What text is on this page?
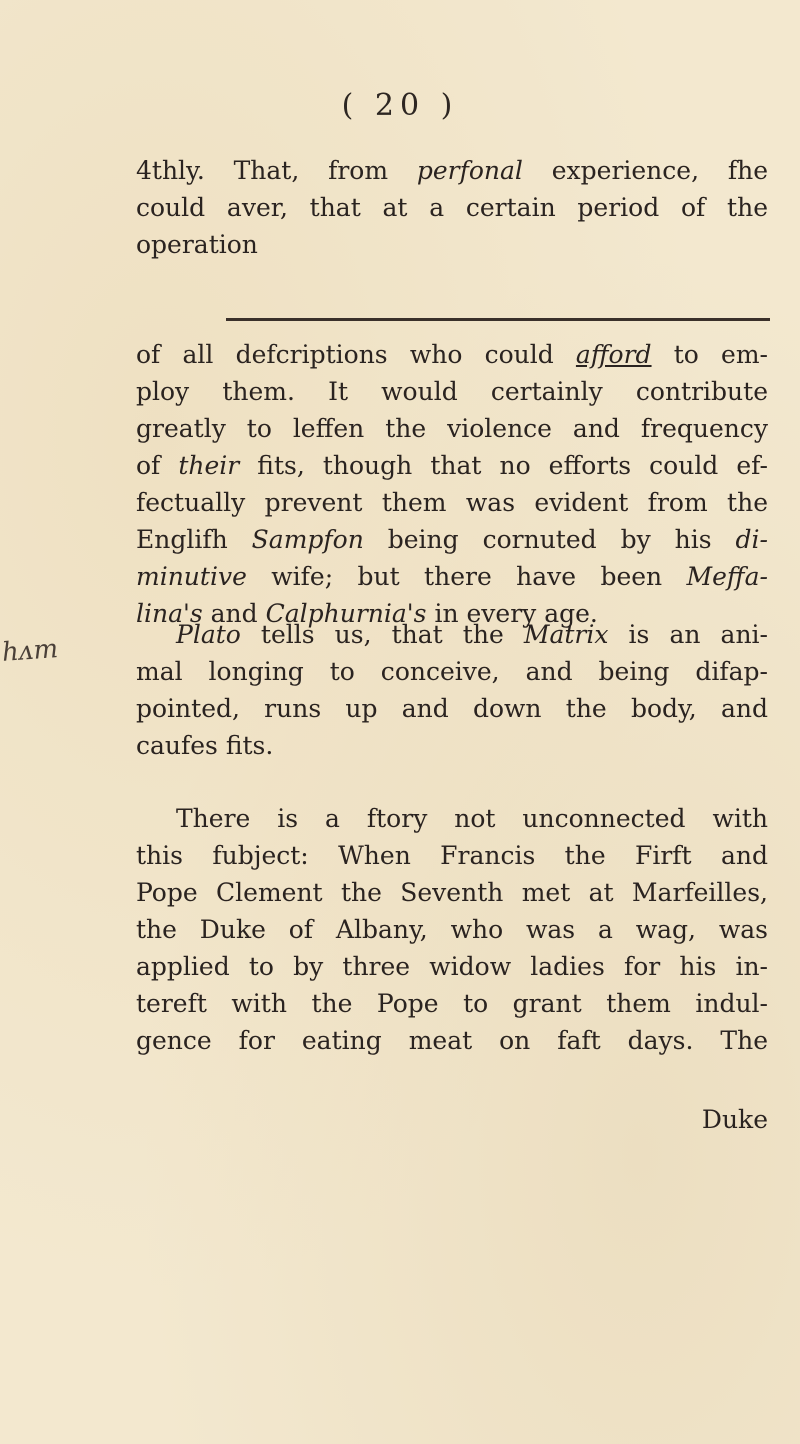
( 20 )
4thly. That, from perfonal experience, fhe
could aver, that at a certain period of the
operation
of all defcriptions who could afford to em-
ploy them. It would certainly contribute
greatly to leffen the violence and frequency
of their fits, though that no efforts could ef-
fectually prevent them was evident from the
Englifh Sampfon being cornuted by his di-
minutive wife; but there have been Meffa-
lina's and Calphurnia's in every age.
hᴧm	Plato tells us, that the Matrix is an ani-
mal longing to conceive, and being difap-
pointed, runs up and down the body, and
caufes fits.
There is a ftory not unconnected with
this fubject: When Francis the Firft and
Pope Clement the Seventh met at Marfeilles,
the Duke of Albany, who was a wag, was
applied to by three widow ladies for his in-
tereft with the Pope to grant them indul-
gence for eating meat on faft days. The
Duke
